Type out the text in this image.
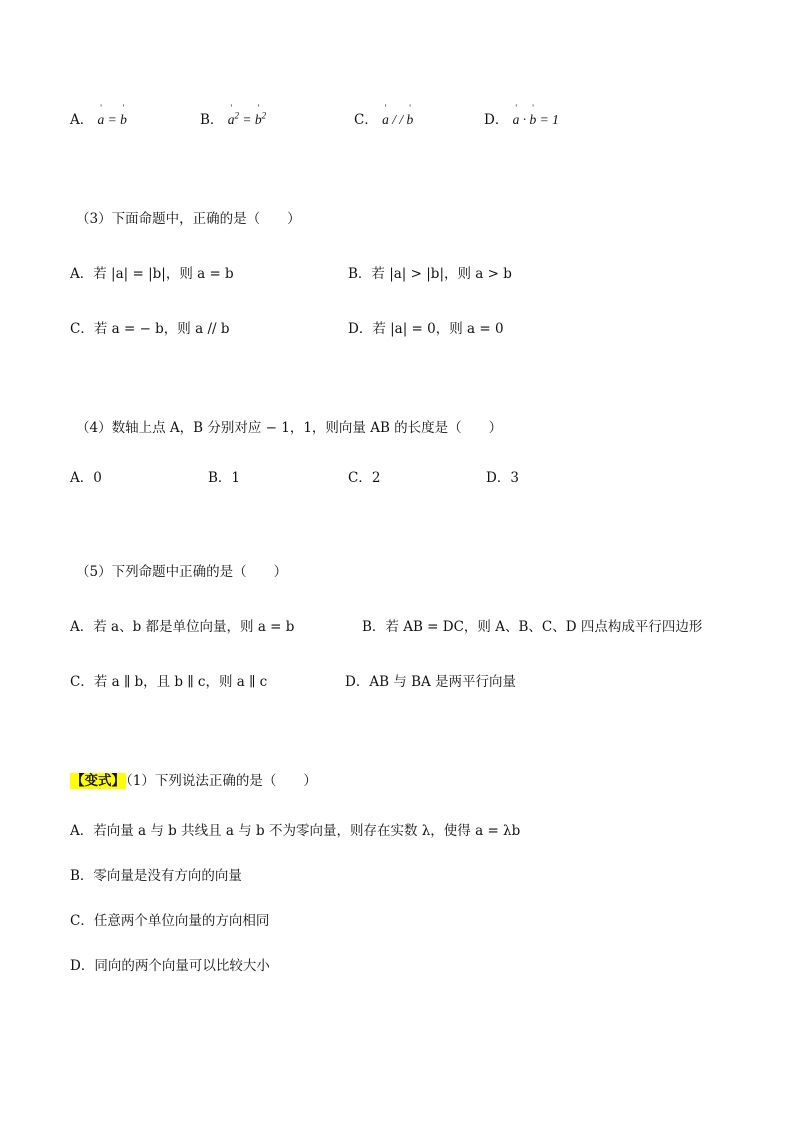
A． ' a = ' b	B． ' $a^2$ = ' $b^2$	C． ' a / / ' b	D． ' a · ' b = 1
（3）下面命题中，正确的是（　　）
A．若 |a| = |b|，则 a = b	B．若 |a| > |b|，则 a > b
C．若 a = − b，则 a // b	D．若 |a| = 0，则 a = 0
（4）数轴上点 A，B 分别对应 − 1，1，则向量 AB 的长度是（　　）
A．0	B．1	C．2	D．3
（5）下列命题中正确的是（　　）
A．若 a、b 都是单位向量，则 a = b	B．若 AB = DC，则 A、B、C、D 四点构成平行四边形
C．若 a ∥ b，且 b ∥ c，则 a ∥ c	D．AB 与 BA 是两平行向量
【变式】（1）下列说法正确的是（　　）
A．若向量 a 与 b 共线且 a 与 b 不为零向量，则存在实数 λ，使得 a = λb
B．零向量是没有方向的向量
C．任意两个单位向量的方向相同
D．同向的两个向量可以比较大小
